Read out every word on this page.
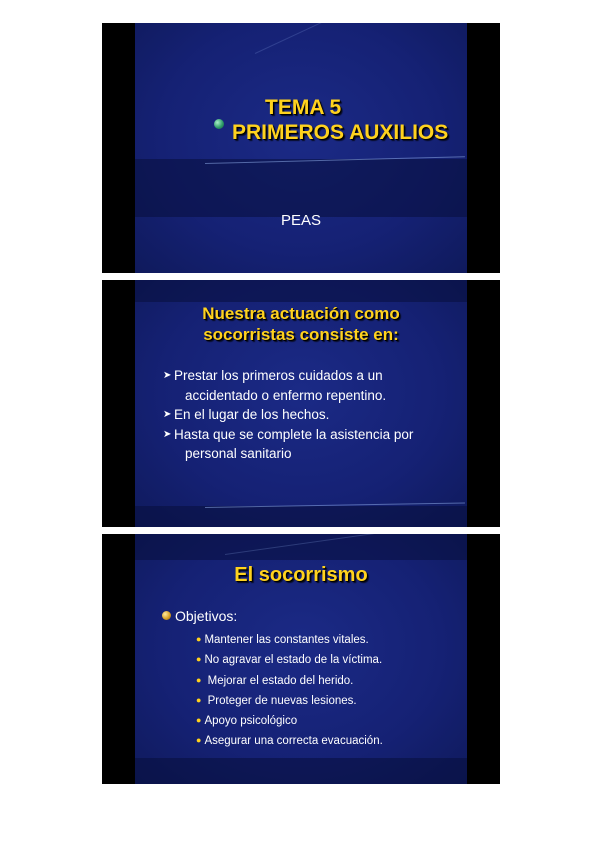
TEMA 5
PRIMEROS AUXILIOS
PEAS
Nuestra actuación como
socorristas consiste en:
➤ Prestar los primeros cuidados a un
accidentado o enfermo repentino.
➤ En el lugar de los hechos.
➤ Hasta que se complete la asistencia por
personal sanitario
El socorrismo
Objetivos:
● Mantener las constantes vitales.
● No agravar el estado de la víctima.
● Mejorar el estado del herido.
● Proteger de nuevas lesiones.
● Apoyo psicológico
● Asegurar una correcta evacuación.
